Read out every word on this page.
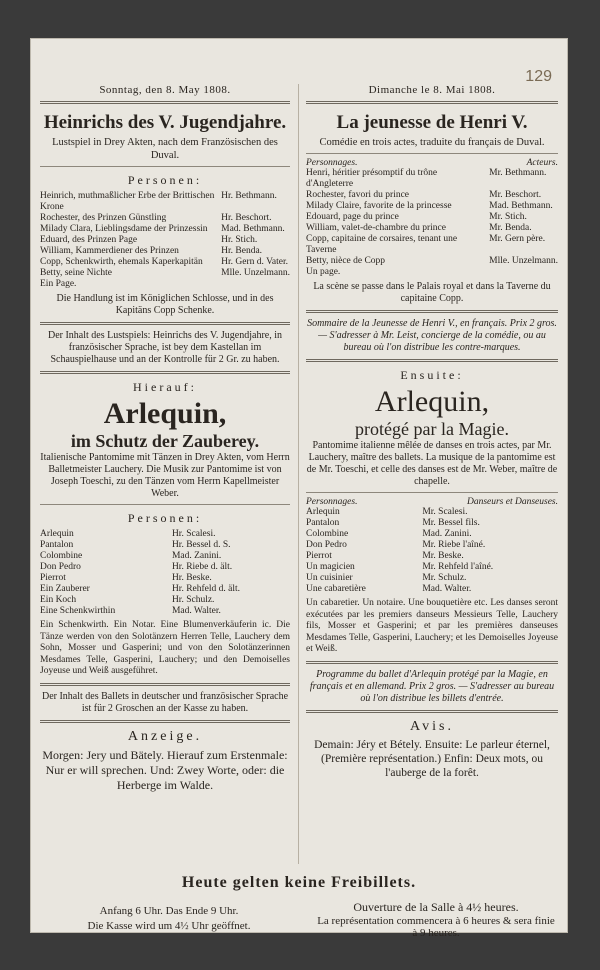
129
Sonntag, den 8. May 1808.
Heinrichs des V. Jugendjahre.
Lustspiel in Drey Akten, nach dem Französischen des Duval.
Personen:
Heinrich, muthmaßlicher Erbe der Brittischen Krone	Hr. Bethmann.
Rochester, des Prinzen Günstling	Hr. Beschort.
Milady Clara, Lieblingsdame der Prinzessin	Mad. Bethmann.
Eduard, des Prinzen Page	Hr. Stich.
William, Kammerdiener des Prinzen	Hr. Benda.
Copp, Schenkwirth, ehemals Kaperkapitän	Hr. Gern d. Vater.
Betty, seine Nichte	Mlle. Unzelmann.
Ein Page.	
Die Handlung ist im Königlichen Schlosse, und in des Kapitäns Copp Schenke.
Der Inhalt des Lustspiels: Heinrichs des V. Jugendjahre, in französischer Sprache, ist bey dem Kastellan im Schauspielhause und an der Kontrolle für 2 Gr. zu haben.
Hierauf:
Arlequin,
im Schutz der Zauberey.
Italienische Pantomime mit Tänzen in Drey Akten, vom Herrn Balletmeister Lauchery. Die Musik zur Pantomime ist von Joseph Toeschi, zu den Tänzen vom Herrn Kapellmeister Weber.
Personen:
Arlequin	Hr. Scalesi.
Pantalon	Hr. Bessel d. S.
Colombine	Mad. Zanini.
Don Pedro	Hr. Riebe d. ält.
Pierrot	Hr. Beske.
Ein Zauberer	Hr. Rehfeld d. ält.
Ein Koch	Hr. Schulz.
Eine Schenkwirthin	Mad. Walter.
Ein Schenkwirth. Ein Notar. Eine Blumenverkäuferin ic. Die Tänze werden von den Solotänzern Herren Telle, Lauchery dem Sohn, Mosser und Gasperini; und von den Solotänzerinnen Mesdames Telle, Gasperini, Lauchery; und den Demoiselles Joyeuse und Weiß ausgeführet.
Der Inhalt des Ballets in deutscher und französischer Sprache ist für 2 Groschen an der Kasse zu haben.
Anzeige.
Morgen: Jery und Bätely. Hierauf zum Erstenmale: Nur er will sprechen. Und: Zwey Worte, oder: die Herberge im Walde.
Dimanche le 8. Mai 1808.
La jeunesse de Henri V.
Comédie en trois actes, traduite du français de Duval.
Personnages.	Acteurs.
Henri, héritier présomptif du trône d'Angleterre	Mr. Bethmann.
Rochester, favori du prince	Mr. Beschort.
Milady Claire, favorite de la princesse	Mad. Bethmann.
Edouard, page du prince	Mr. Stich.
William, valet-de-chambre du prince	Mr. Benda.
Copp, capitaine de corsaires, tenant une Taverne	Mr. Gern père.
Betty, nièce de Copp	Mlle. Unzelmann.
Un page.	
La scène se passe dans le Palais royal et dans la Taverne du capitaine Copp.
Sommaire de la Jeunesse de Henri V., en français. Prix 2 gros. — S'adresser à Mr. Leist, concierge de la comédie, ou au bureau où l'on distribue les contre-marques.
Ensuite:
Arlequin,
protégé par la Magie.
Pantomime italienne mêlée de danses en trois actes, par Mr. Lauchery, maître des ballets. La musique de la pantomime est de Mr. Toeschi, et celle des danses est de Mr. Weber, maître de chapelle.
Personnages.	Danseurs et Danseuses.
Arlequin	Mr. Scalesi.
Pantalon	Mr. Bessel fils.
Colombine	Mad. Zanini.
Don Pedro	Mr. Riebe l'aîné.
Pierrot	Mr. Beske.
Un magicien	Mr. Rehfeld l'aîné.
Un cuisinier	Mr. Schulz.
Une cabaretière	Mad. Walter.
Un cabaretier. Un notaire. Une bouquetière etc. Les danses seront exécutées par les premiers danseurs Messieurs Telle, Lauchery fils, Mosser et Gasperini; et par les premières danseuses Mesdames Telle, Gasperini, Lauchery; et les Demoiselles Joyeuse et Weiß.
Programme du ballet d'Arlequin protégé par la Magie, en français et en allemand. Prix 2 gros. — S'adresser au bureau où l'on distribue les billets d'entrée.
Avis.
Demain: Jéry et Bétely. Ensuite: Le parleur éternel, (Première représentation.) Enfin: Deux mots, ou l'auberge de la forêt.
Heute gelten keine Freibillets.
Anfang 6 Uhr. Das Ende 9 Uhr.
Die Kasse wird um 4½ Uhr geöffnet.
Ouverture de la Salle à 4½ heures.
La représentation commencera à 6 heures & sera finie à 9 heures.
